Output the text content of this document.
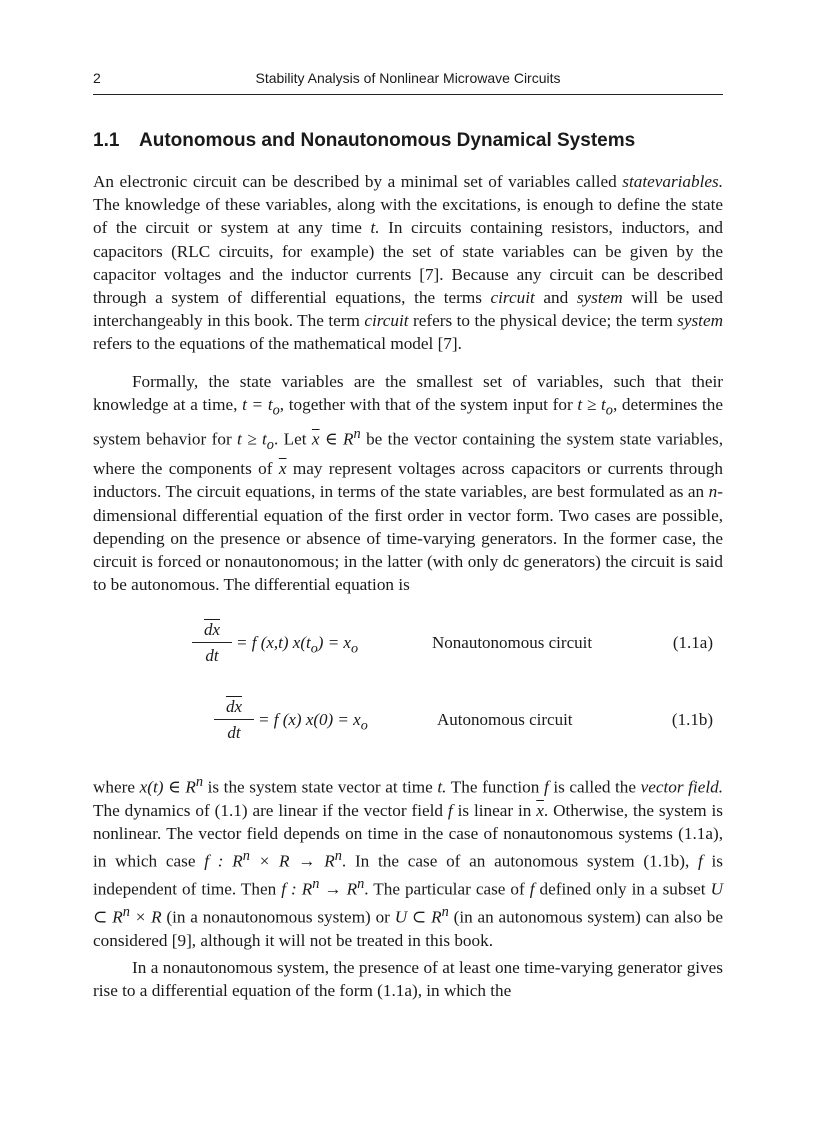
2	Stability Analysis of Nonlinear Microwave Circuits
1.1 Autonomous and Nonautonomous Dynamical Systems

An electronic circuit can be described by a minimal set of variables called statevariables. The knowledge of these variables, along with the excitations, is enough to define the state of the circuit or system at any time t. In circuits containing resistors, inductors, and capacitors (RLC circuits, for example) the set of state variables can be given by the capacitor voltages and the inductor currents [7]. Because any circuit can be described through a system of differential equations, the terms circuit and system will be used interchangeably in this book. The term circuit refers to the physical device; the term system refers to the equations of the mathematical model [7].

Formally, the state variables are the smallest set of variables, such that their knowledge at a time, $t = t_o$, together with that of the system input for $t \ge t_o$, determines the system behavior for $t \ge t_o$. Let $\overline{x}$ ∈ $R^n$ be the vector containing the system state variables, where the components of $\overline{x}$ may represent voltages across capacitors or currents through inductors. The circuit equations, in terms of the state variables, are best formulated as an n-dimensional differential equation of the first order in vector form. Two cases are possible, depending on the presence or absence of time-varying generators. In the former case, the circuit is forced or nonautonomous; in the latter (with only dc generators) the circuit is said to be autonomous. The differential equation is

$\frac{\overline{dx}}{dt} = f$ (x,t) $x(t_o) = x_o$	Nonautonomous circuit	(1.1a)
$\frac{\overline{dx}}{dt} = f$ (x) $x(0) = x_o$	Autonomous circuit	(1.1b)

where x(t) ∈ $R^n$ is the system state vector at time t. The function f is called the vector field. The dynamics of (1.1) are linear if the vector field f is linear in $\overline{x}$. Otherwise, the system is nonlinear. The vector field depends on time in the case of nonautonomous systems (1.1a), in which case f : $R^n \times R \to R^n$. In the case of an autonomous system (1.1b), f is independent of time. Then f : $R^n \to R^n$. The particular case of f defined only in a subset U ⊂ $R^n \times R$ (in a nonautonomous system) or U ⊂ $R^n$ (in an autonomous system) can also be considered [9], although it will not be treated in this book.

In a nonautonomous system, the presence of at least one time-varying generator gives rise to a differential equation of the form (1.1a), in which the
